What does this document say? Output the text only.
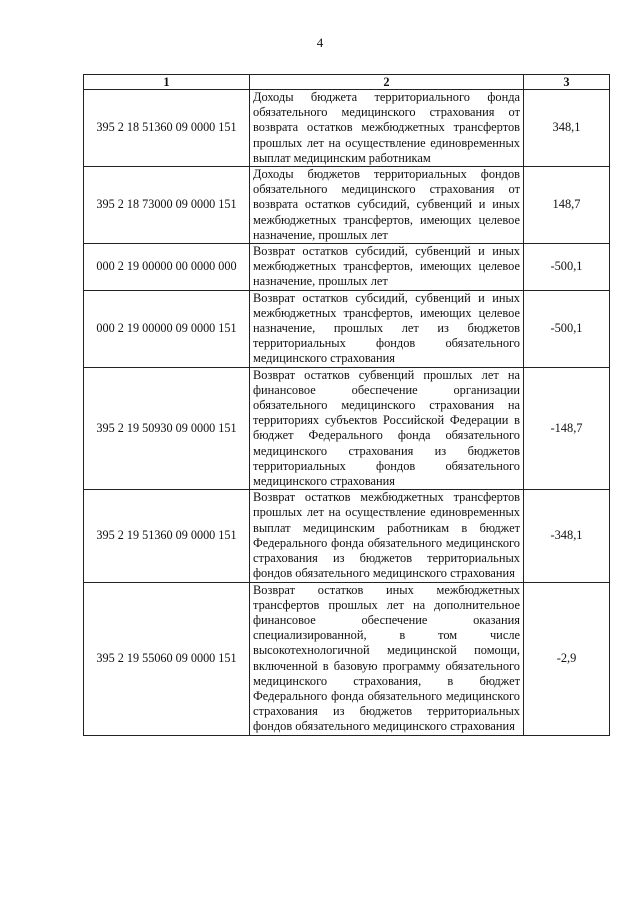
4
1	2	3
395 2 18 51360 09 0000 151	Доходы бюджета территориального фонда обязательного медицинского страхования от возврата остатков межбюджетных трансфертов прошлых лет на осуществление единовременных выплат медицинским работникам	348,1
395 2 18 73000 09 0000 151	Доходы бюджетов территориальных фондов обязательного медицинского страхования от возврата остатков субсидий, субвенций и иных межбюджетных трансфертов, имеющих целевое назначение, прошлых лет	148,7
000 2 19 00000 00 0000 000	Возврат остатков субсидий, субвенций и иных межбюджетных трансфертов, имеющих целевое назначение, прошлых лет	-500,1
000 2 19 00000 09 0000 151	Возврат остатков субсидий, субвенций и иных межбюджетных трансфертов, имеющих целевое назначение, прошлых лет из бюджетов территориальных фондов обязательного медицинского страхования	-500,1
395 2 19 50930 09 0000 151	Возврат остатков субвенций прошлых лет на финансовое обеспечение организации обязательного медицинского страхования на территориях субъектов Российской Федерации в бюджет Федерального фонда обязательного медицинского страхования из бюджетов территориальных фондов обязательного медицинского страхования	-148,7
395 2 19 51360 09 0000 151	Возврат остатков межбюджетных трансфертов прошлых лет на осуществление единовременных выплат медицинским работникам в бюджет Федерального фонда обязательного медицинского страхования из бюджетов территориальных фондов обязательного медицинского страхования	-348,1
395 2 19 55060 09 0000 151	Возврат остатков иных межбюджетных трансфертов прошлых лет на дополнительное финансовое обеспечение оказания специализированной, в том числе высокотехнологичной медицинской помощи, включенной в базовую программу обязательного медицинского страхования, в бюджет Федерального фонда обязательного медицинского страхования из бюджетов территориальных фондов обязательного медицинского страхования	-2,9
